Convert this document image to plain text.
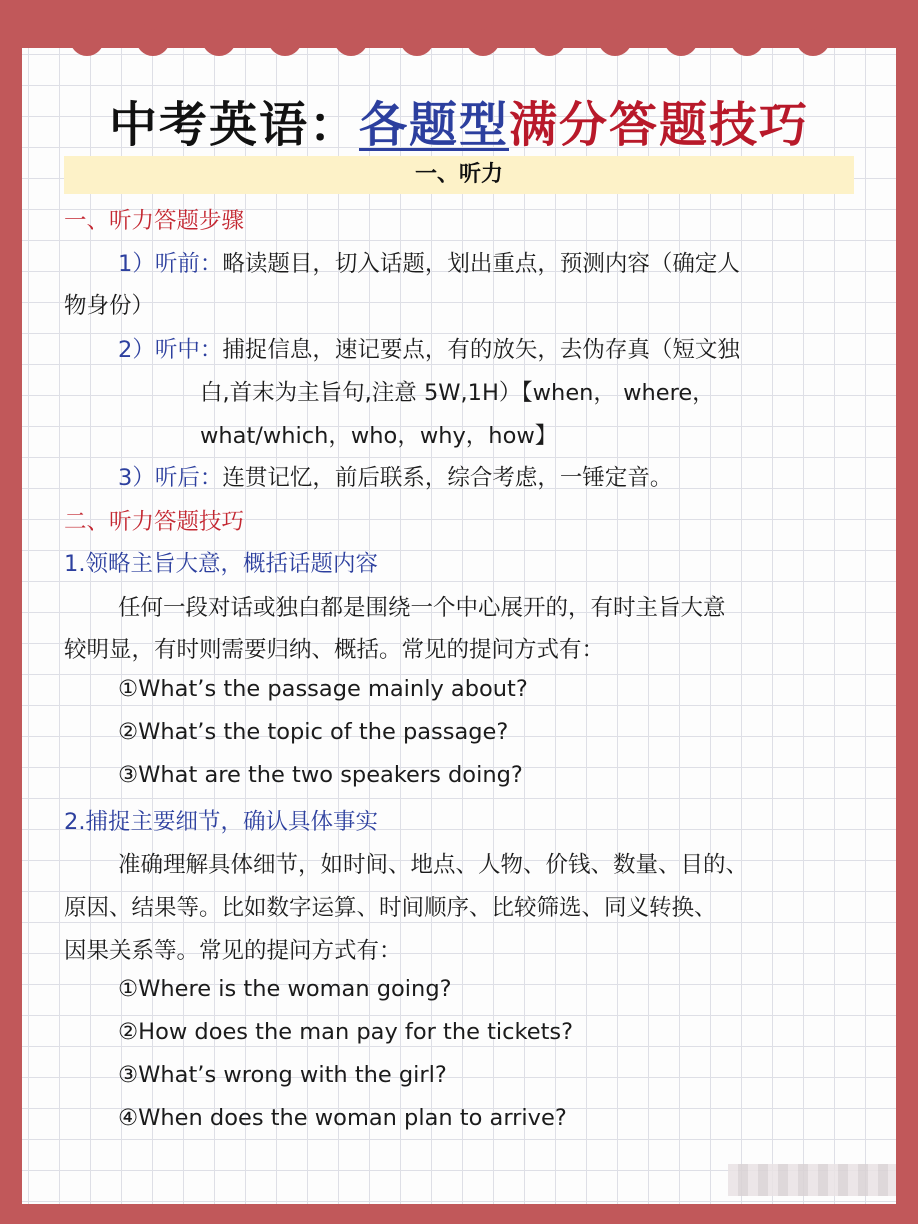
中考英语：各题型满分答题技巧
一、听力
一、听力答题步骤
1）听前：略读题目，切入话题，划出重点，预测内容（确定人
物身份）
2）听中：捕捉信息，速记要点，有的放矢，去伪存真（短文独
白,首末为主旨句,注意 5W,1H）【when， where，
what/which，who，why，how】
3）听后：连贯记忆，前后联系，综合考虑，一锤定音。
二、听力答题技巧
1.领略主旨大意，概括话题内容
任何一段对话或独白都是围绕一个中心展开的，有时主旨大意
较明显，有时则需要归纳、概括。常见的提问方式有：
①What’s the passage mainly about?
②What’s the topic of the passage?
③What are the two speakers doing?
2.捕捉主要细节，确认具体事实
准确理解具体细节，如时间、地点、人物、价钱、数量、目的、
原因、结果等。比如数字运算、时间顺序、比较筛选、同义转换、
因果关系等。常见的提问方式有：
①Where is the woman going?
②How does the man pay for the tickets?
③What’s wrong with the girl?
④When does the woman plan to arrive?
